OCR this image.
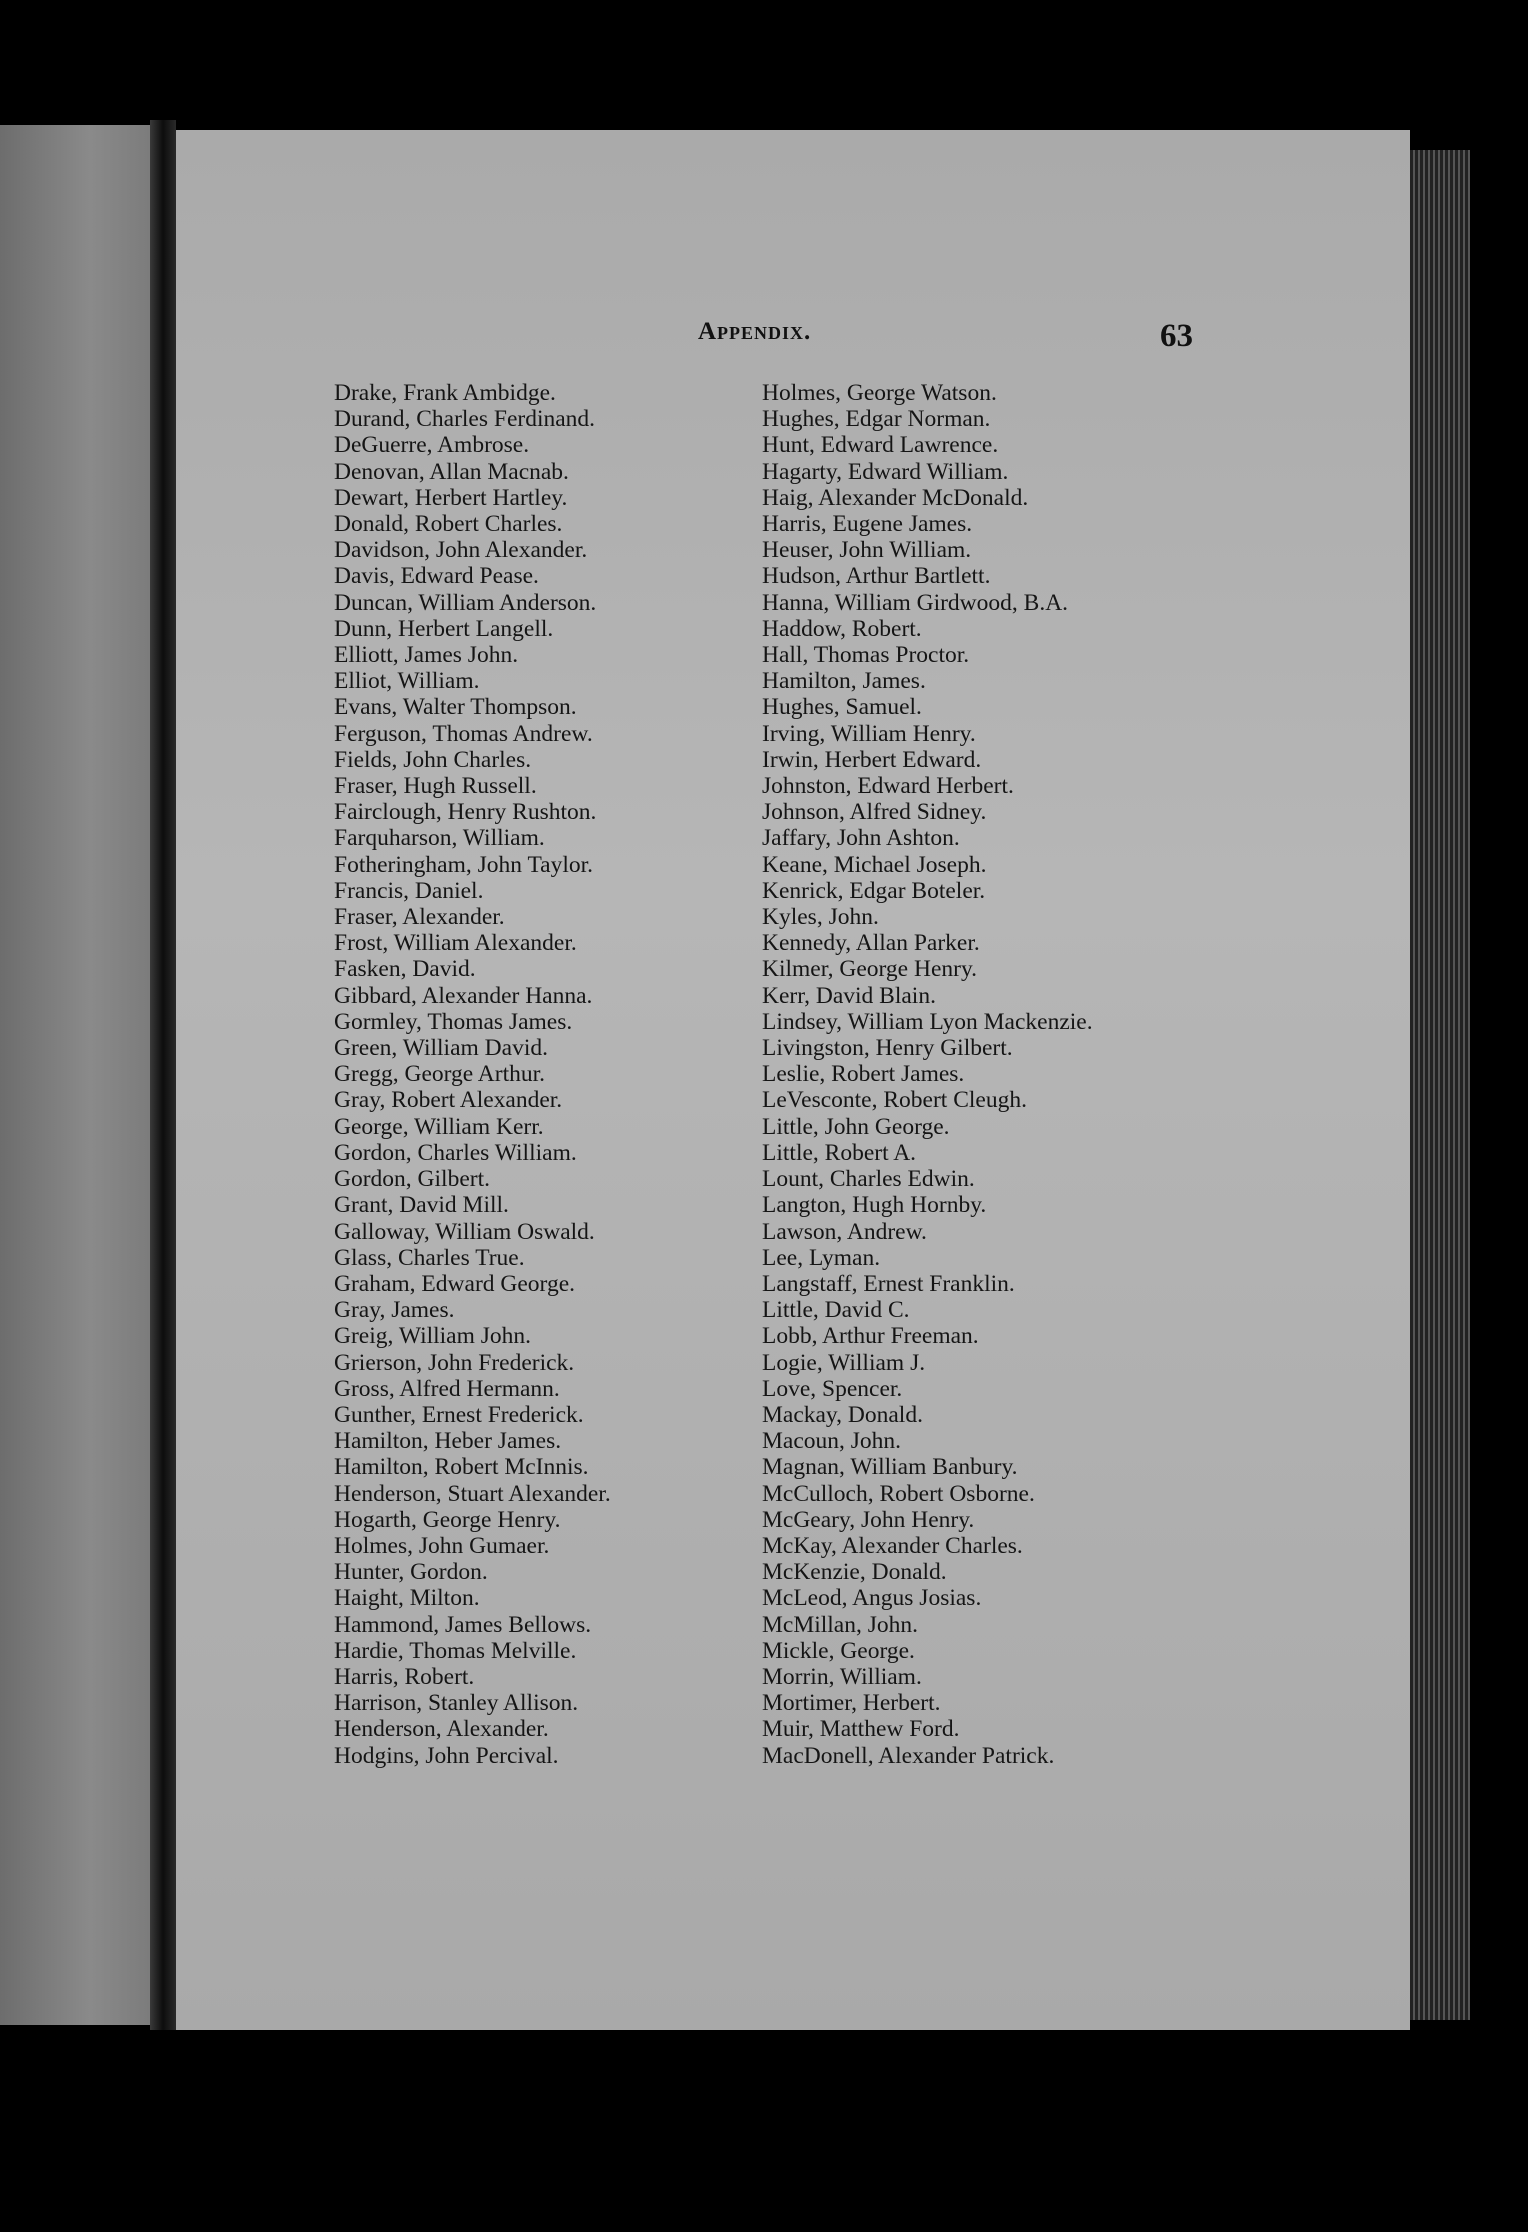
Appendix.	63
Drake, Frank Ambidge.
Durand, Charles Ferdinand.
DeGuerre, Ambrose.
Denovan, Allan Macnab.
Dewart, Herbert Hartley.
Donald, Robert Charles.
Davidson, John Alexander.
Davis, Edward Pease.
Duncan, William Anderson.
Dunn, Herbert Langell.
Elliott, James John.
Elliot, William.
Evans, Walter Thompson.
Ferguson, Thomas Andrew.
Fields, John Charles.
Fraser, Hugh Russell.
Fairclough, Henry Rushton.
Farquharson, William.
Fotheringham, John Taylor.
Francis, Daniel.
Fraser, Alexander.
Frost, William Alexander.
Fasken, David.
Gibbard, Alexander Hanna.
Gormley, Thomas James.
Green, William David.
Gregg, George Arthur.
Gray, Robert Alexander.
George, William Kerr.
Gordon, Charles William.
Gordon, Gilbert.
Grant, David Mill.
Galloway, William Oswald.
Glass, Charles True.
Graham, Edward George.
Gray, James.
Greig, William John.
Grierson, John Frederick.
Gross, Alfred Hermann.
Gunther, Ernest Frederick.
Hamilton, Heber James.
Hamilton, Robert McInnis.
Henderson, Stuart Alexander.
Hogarth, George Henry.
Holmes, John Gumaer.
Hunter, Gordon.
Haight, Milton.
Hammond, James Bellows.
Hardie, Thomas Melville.
Harris, Robert.
Harrison, Stanley Allison.
Henderson, Alexander.
Hodgins, John Percival.
Holmes, George Watson.
Hughes, Edgar Norman.
Hunt, Edward Lawrence.
Hagarty, Edward William.
Haig, Alexander McDonald.
Harris, Eugene James.
Heuser, John William.
Hudson, Arthur Bartlett.
Hanna, William Girdwood, B.A.
Haddow, Robert.
Hall, Thomas Proctor.
Hamilton, James.
Hughes, Samuel.
Irving, William Henry.
Irwin, Herbert Edward.
Johnston, Edward Herbert.
Johnson, Alfred Sidney.
Jaffary, John Ashton.
Keane, Michael Joseph.
Kenrick, Edgar Boteler.
Kyles, John.
Kennedy, Allan Parker.
Kilmer, George Henry.
Kerr, David Blain.
Lindsey, William Lyon Mackenzie.
Livingston, Henry Gilbert.
Leslie, Robert James.
LeVesconte, Robert Cleugh.
Little, John George.
Little, Robert A.
Lount, Charles Edwin.
Langton, Hugh Hornby.
Lawson, Andrew.
Lee, Lyman.
Langstaff, Ernest Franklin.
Little, David C.
Lobb, Arthur Freeman.
Logie, William J.
Love, Spencer.
Mackay, Donald.
Macoun, John.
Magnan, William Banbury.
McCulloch, Robert Osborne.
McGeary, John Henry.
McKay, Alexander Charles.
McKenzie, Donald.
McLeod, Angus Josias.
McMillan, John.
Mickle, George.
Morrin, William.
Mortimer, Herbert.
Muir, Matthew Ford.
MacDonell, Alexander Patrick.
